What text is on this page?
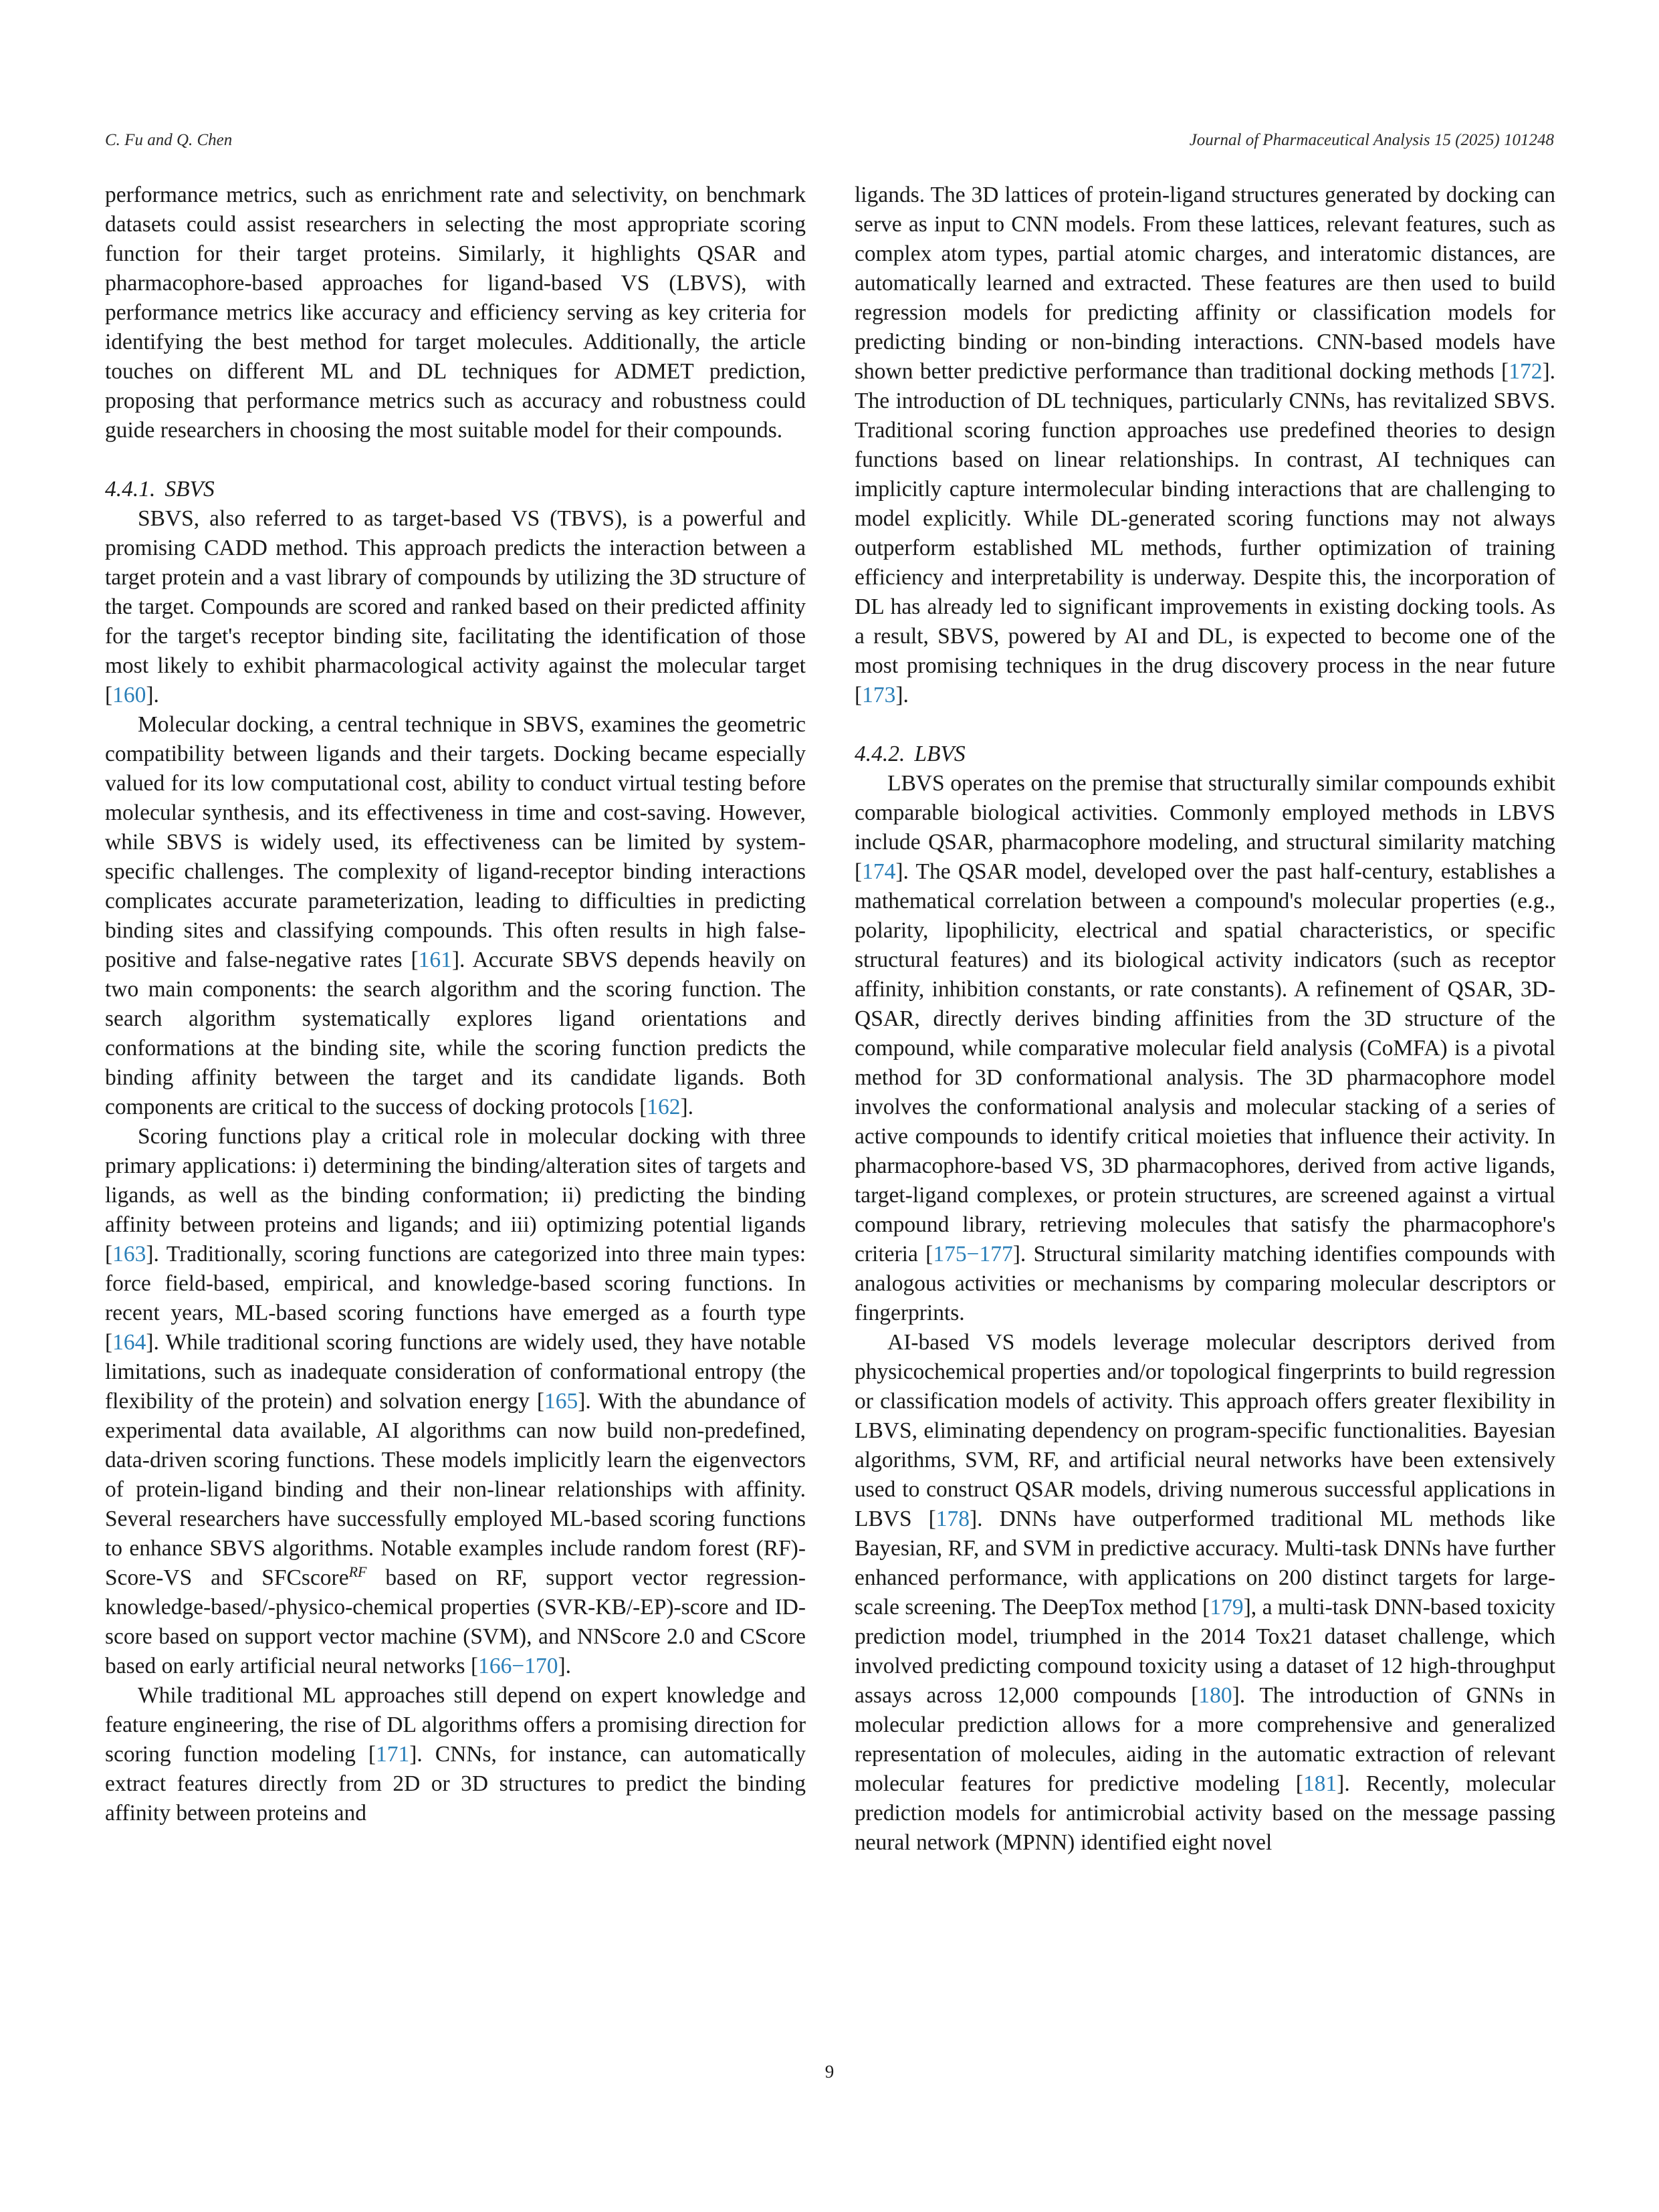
C. Fu and Q. Chen	Journal of Pharmaceutical Analysis 15 (2025) 101248

performance metrics, such as enrichment rate and selectivity, on benchmark datasets could assist researchers in selecting the most appropriate scoring function for their target proteins. Similarly, it highlights QSAR and pharmacophore-based approaches for ligand-based VS (LBVS), with performance metrics like accuracy and efficiency serving as key criteria for identifying the best method for target molecules. Additionally, the article touches on different ML and DL techniques for ADMET prediction, proposing that performance metrics such as accuracy and robustness could guide researchers in choosing the most suitable model for their compounds.

4.4.1. SBVS

SBVS, also referred to as target-based VS (TBVS), is a powerful and promising CADD method. This approach predicts the interaction between a target protein and a vast library of compounds by utilizing the 3D structure of the target. Compounds are scored and ranked based on their predicted affinity for the target's receptor binding site, facilitating the identification of those most likely to exhibit pharmacological activity against the molecular target [160].

Molecular docking, a central technique in SBVS, examines the geometric compatibility between ligands and their targets. Docking became especially valued for its low computational cost, ability to conduct virtual testing before molecular synthesis, and its effectiveness in time and cost-saving. However, while SBVS is widely used, its effectiveness can be limited by system-specific challenges. The complexity of ligand-receptor binding interactions complicates accurate parameterization, leading to difficulties in predicting binding sites and classifying compounds. This often results in high false-positive and false-negative rates [161]. Accurate SBVS depends heavily on two main components: the search algorithm and the scoring function. The search algorithm systematically explores ligand orientations and conformations at the binding site, while the scoring function predicts the binding affinity between the target and its candidate ligands. Both components are critical to the success of docking protocols [162].

Scoring functions play a critical role in molecular docking with three primary applications: i) determining the binding/alteration sites of targets and ligands, as well as the binding conformation; ii) predicting the binding affinity between proteins and ligands; and iii) optimizing potential ligands [163]. Traditionally, scoring functions are categorized into three main types: force field-based, empirical, and knowledge-based scoring functions. In recent years, ML-based scoring functions have emerged as a fourth type [164]. While traditional scoring functions are widely used, they have notable limitations, such as inadequate consideration of conformational entropy (the flexibility of the protein) and solvation energy [165]. With the abundance of experimental data available, AI algorithms can now build non-predefined, data-driven scoring functions. These models implicitly learn the eigenvectors of protein-ligand binding and their non-linear relationships with affinity. Several researchers have successfully employed ML-based scoring functions to enhance SBVS algorithms. Notable examples include random forest (RF)-Score-VS and SFCscore$^{RF}$ based on RF, support vector regression-knowledge-based/-physico-chemical properties (SVR-KB/-EP)-score and ID-score based on support vector machine (SVM), and NNScore 2.0 and CScore based on early artificial neural networks [166−170].

While traditional ML approaches still depend on expert knowledge and feature engineering, the rise of DL algorithms offers a promising direction for scoring function modeling [171]. CNNs, for instance, can automatically extract features directly from 2D or 3D structures to predict the binding affinity between proteins and

ligands. The 3D lattices of protein-ligand structures generated by docking can serve as input to CNN models. From these lattices, relevant features, such as complex atom types, partial atomic charges, and interatomic distances, are automatically learned and extracted. These features are then used to build regression models for predicting affinity or classification models for predicting binding or non-binding interactions. CNN-based models have shown better predictive performance than traditional docking methods [172]. The introduction of DL techniques, particularly CNNs, has revitalized SBVS. Traditional scoring function approaches use predefined theories to design functions based on linear relationships. In contrast, AI techniques can implicitly capture intermolecular binding interactions that are challenging to model explicitly. While DL-generated scoring functions may not always outperform established ML methods, further optimization of training efficiency and interpretability is underway. Despite this, the incorporation of DL has already led to significant improvements in existing docking tools. As a result, SBVS, powered by AI and DL, is expected to become one of the most promising techniques in the drug discovery process in the near future [173].

4.4.2. LBVS

LBVS operates on the premise that structurally similar compounds exhibit comparable biological activities. Commonly employed methods in LBVS include QSAR, pharmacophore modeling, and structural similarity matching [174]. The QSAR model, developed over the past half-century, establishes a mathematical correlation between a compound's molecular properties (e.g., polarity, lipophilicity, electrical and spatial characteristics, or specific structural features) and its biological activity indicators (such as receptor affinity, inhibition constants, or rate constants). A refinement of QSAR, 3D-QSAR, directly derives binding affinities from the 3D structure of the compound, while comparative molecular field analysis (CoMFA) is a pivotal method for 3D conformational analysis. The 3D pharmacophore model involves the conformational analysis and molecular stacking of a series of active compounds to identify critical moieties that influence their activity. In pharmacophore-based VS, 3D pharmacophores, derived from active ligands, target-ligand complexes, or protein structures, are screened against a virtual compound library, retrieving molecules that satisfy the pharmacophore's criteria [175−177]. Structural similarity matching identifies compounds with analogous activities or mechanisms by comparing molecular descriptors or fingerprints.

AI-based VS models leverage molecular descriptors derived from physicochemical properties and/or topological fingerprints to build regression or classification models of activity. This approach offers greater flexibility in LBVS, eliminating dependency on program-specific functionalities. Bayesian algorithms, SVM, RF, and artificial neural networks have been extensively used to construct QSAR models, driving numerous successful applications in LBVS [178]. DNNs have outperformed traditional ML methods like Bayesian, RF, and SVM in predictive accuracy. Multi-task DNNs have further enhanced performance, with applications on 200 distinct targets for large-scale screening. The DeepTox method [179], a multi-task DNN-based toxicity prediction model, triumphed in the 2014 Tox21 dataset challenge, which involved predicting compound toxicity using a dataset of 12 high-throughput assays across 12,000 compounds [180]. The introduction of GNNs in molecular prediction allows for a more comprehensive and generalized representation of molecules, aiding in the automatic extraction of relevant molecular features for predictive modeling [181]. Recently, molecular prediction models for antimicrobial activity based on the message passing neural network (MPNN) identified eight novel

9
